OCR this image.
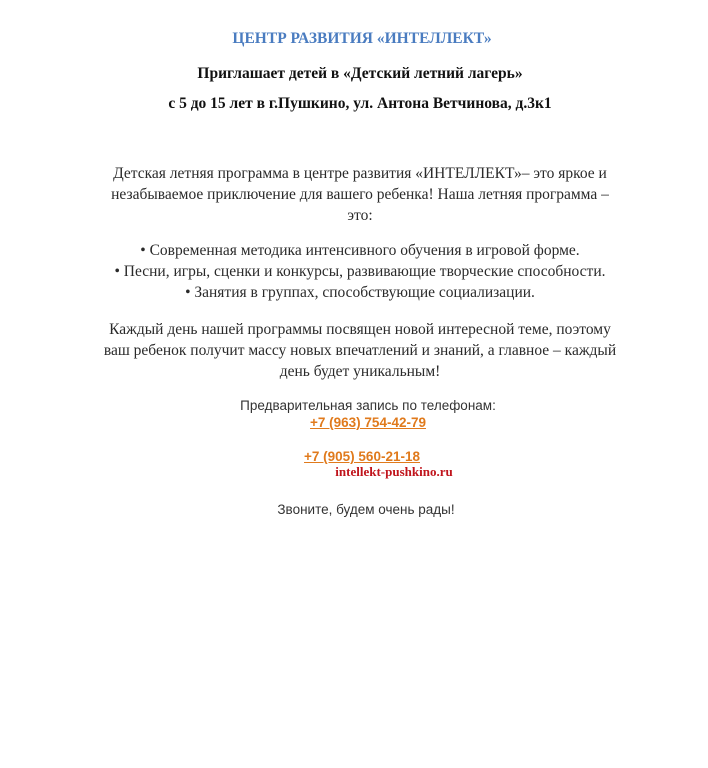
ЦЕНТР РАЗВИТИЯ «ИНТЕЛЛЕКТ»
Приглашает детей в «Детский летний лагерь»
с 5 до 15 лет в г.Пушкино, ул. Антона Ветчинова, д.3к1
Детская летняя программа в центре развития «ИНТЕЛЛЕКТ»– это яркое и
незабываемое приключение для вашего ребенка! Наша летняя программа –
это:
• Современная методика интенсивного обучения в игровой форме.
• Песни, игры, сценки и конкурсы, развивающие творческие способности.
• Занятия в группах, способствующие социализации.
Каждый день нашей программы посвящен новой интересной теме, поэтому
ваш ребенок получит массу новых впечатлений и знаний, а главное – каждый
день будет уникальным!
Предварительная запись по телефонам:
+7 (963) 754-42-79
+7 (905) 560-21-18
intellekt-pushkino.ru
Звоните, будем очень рады!
